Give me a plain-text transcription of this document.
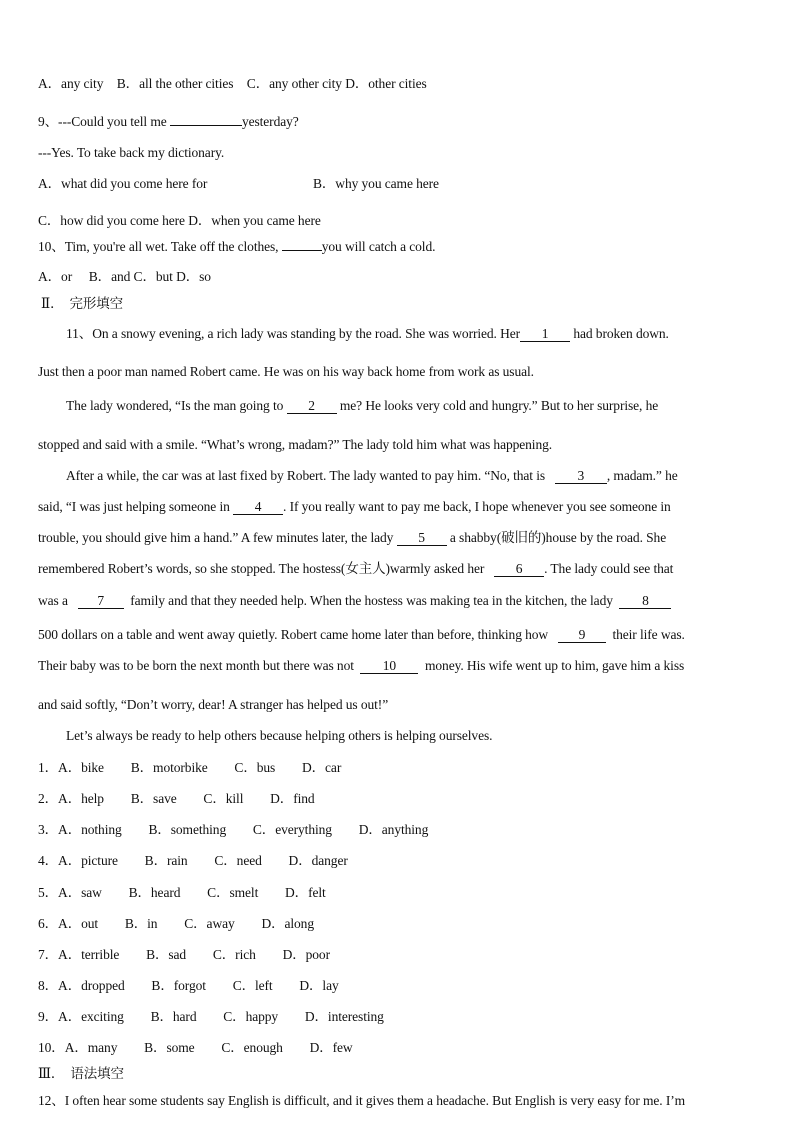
A．any city　B．all the other cities　C．any other city D．other cities
9、---Could you tell me	yesterday?
---Yes. To take back my dictionary.
A．what did you come here for	B．why you came here
C．how did you come here D．when you came here
10、Tim, you're all wet. Take off the clothes,	you will catch a cold.
A．or　 B．and C．but D．so
Ⅱ． 完形填空
11、On a snowy evening, a rich lady was standing by the road. She was worried. Her 1 had broken down.
Just then a poor man named Robert came. He was on his way back home from work as usual.
The lady wondered, “Is the man going to 2 me? He looks very cold and hungry.” But to her surprise, he
stopped and said with a smile. “What’s wrong, madam?” The lady told him what was happening.
After a while, the car was at last fixed by Robert. The lady wanted to pay him. “No, that is 3 , madam.” he
said, “I was just helping someone in 4 . If you really want to pay me back, I hope whenever you see someone in
trouble, you should give him a hand.” A few minutes later, the lady 5 a shabby(破旧的)house by the road. She
remembered Robert’s words, so she stopped. The hostess(女主人)warmly asked her 6 . The lady could see that
was a 7 family and that they needed help. When the hostess was making tea in the kitchen, the lady 8
500 dollars on a table and went away quietly. Robert came home later than before, thinking how 9 their life was.
Their baby was to be born the next month but there was not 10 money. His wife went up to him, gave him a kiss
and said softly, “Don’t worry, dear! A stranger has helped us out!”
Let’s always be ready to help others because helping others is helping ourselves.
1．A．bike　　B．motorbike　　C．bus　　D．car
2．A．help　　B．save　　C．kill　　D．find
3．A．nothing　　B．something　　C．everything　　D．anything
4．A．picture　　B．rain　　C．need　　D．danger
5．A．saw　　B．heard　　C．smelt　　D．felt
6．A．out　　B．in　　C．away　　D．along
7．A．terrible　　B．sad　　C．rich　　D．poor
8．A．dropped　　B．forgot　　C．left　　D．lay
9．A．exciting　　B．hard　　C．happy　　D．interesting
10．A．many　　B．some　　C．enough　　D．few
Ⅲ． 语法填空
12、I often hear some students say English is difficult, and it gives them a headache. But English is very easy for me. I’m
